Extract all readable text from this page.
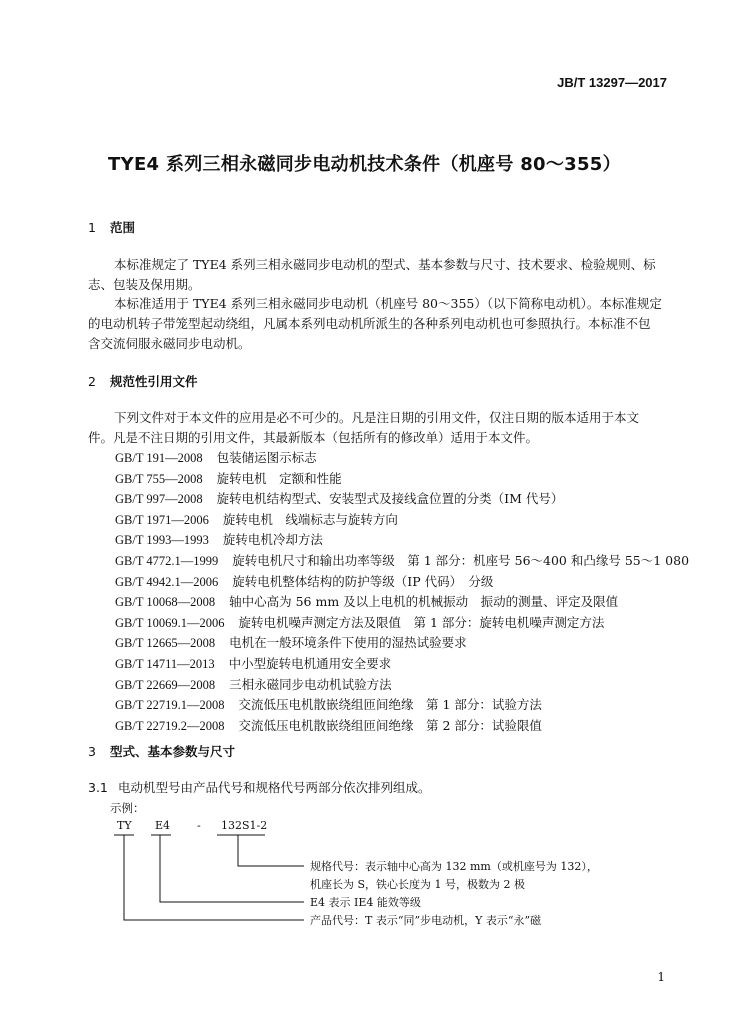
JB/T 13297—2017
TYE4 系列三相永磁同步电动机技术条件（机座号 80～355）
1 范围
本标准规定了 TYE4 系列三相永磁同步电动机的型式、基本参数与尺寸、技术要求、检验规则、标
志、包装及保用期。
本标准适用于 TYE4 系列三相永磁同步电动机（机座号 80～355）（以下简称电动机）。本标准规定
的电动机转子带笼型起动绕组，凡属本系列电动机所派生的各种系列电动机也可参照执行。本标准不包
含交流伺服永磁同步电动机。
2 规范性引用文件
下列文件对于本文件的应用是必不可少的。凡是注日期的引用文件，仅注日期的版本适用于本文
件。凡是不注日期的引用文件，其最新版本（包括所有的修改单）适用于本文件。
GB/T 191—2008 包装储运图示标志
GB/T 755—2008 旋转电机　定额和性能
GB/T 997—2008 旋转电机结构型式、安装型式及接线盒位置的分类（IM 代号）
GB/T 1971—2006 旋转电机　线端标志与旋转方向
GB/T 1993—1993 旋转电机冷却方法
GB/T 4772.1—1999 旋转电机尺寸和输出功率等级　第 1 部分：机座号 56～400 和凸缘号 55～1 080
GB/T 4942.1—2006 旋转电机整体结构的防护等级（IP 代码）　分级
GB/T 10068—2008 轴中心高为 56 mm 及以上电机的机械振动　振动的测量、评定及限值
GB/T 10069.1—2006 旋转电机噪声测定方法及限值　第 1 部分：旋转电机噪声测定方法
GB/T 12665—2008 电机在一般环境条件下使用的湿热试验要求
GB/T 14711—2013 中小型旋转电机通用安全要求
GB/T 22669—2008 三相永磁同步电动机试验方法
GB/T 22719.1—2008 交流低压电机散嵌绕组匝间绝缘　第 1 部分：试验方法
GB/T 22719.2—2008 交流低压电机散嵌绕组匝间绝缘　第 2 部分：试验限值
3 型式、基本参数与尺寸
3.1 电动机型号由产品代号和规格代号两部分依次排列组成。
示例：
TY E4 - 132S1-2
规格代号：表示轴中心高为 132 mm（或机座号为 132），
机座长为 S，铁心长度为 1 号，极数为 2 极
E4 表示 IE4 能效等级
产品代号：T 表示“同”步电动机，Y 表示“永”磁
1
